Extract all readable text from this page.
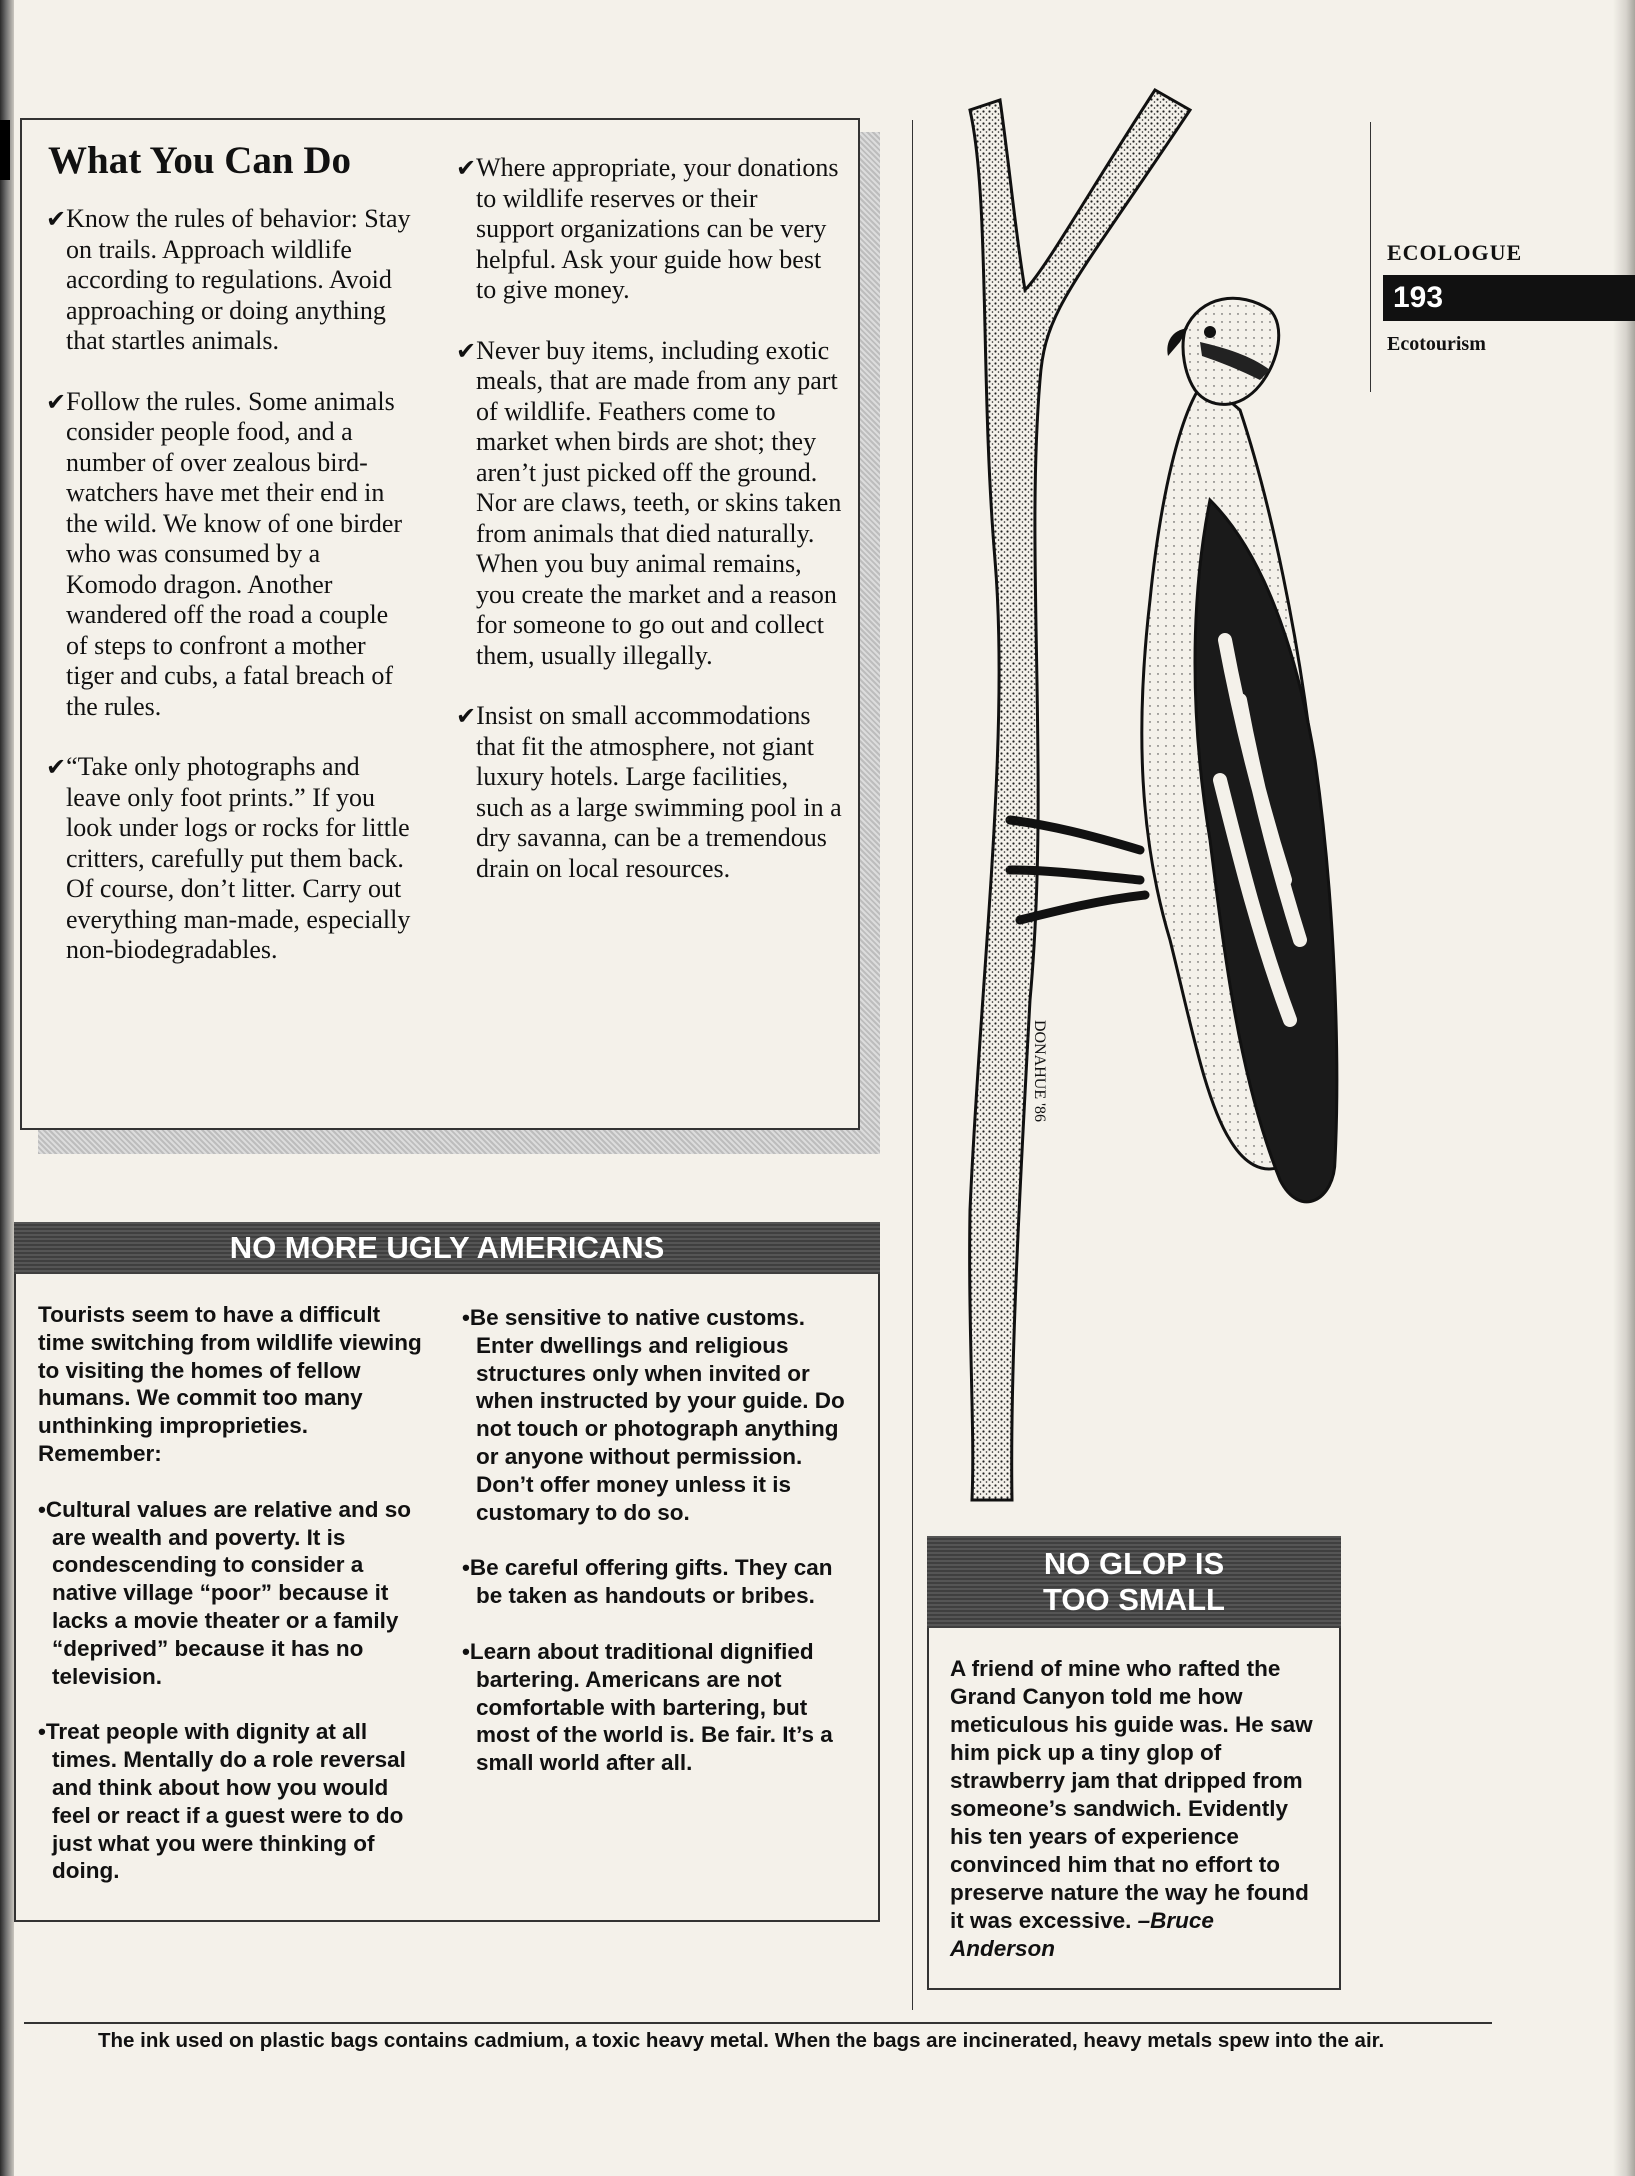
What You Can Do

✔Know the rules of behavior: Stay on trails. Approach wildlife according to regulations. Avoid approaching or doing anything that startles animals.

✔Follow the rules. Some animals consider people food, and a number of over zealous bird-watchers have met their end in the wild. We know of one birder who was consumed by a Komodo dragon. Another wandered off the road a couple of steps to confront a mother tiger and cubs, a fatal breach of the rules.

✔“Take only photographs and leave only foot prints.” If you look under logs or rocks for little critters, carefully put them back. Of course, don’t litter. Carry out everything man-made, especially non-biodegradables.

✔Where appropriate, your donations to wildlife reserves or their support organizations can be very helpful. Ask your guide how best to give money.

✔Never buy items, including exotic meals, that are made from any part of wildlife. Feathers come to market when birds are shot; they aren’t just picked off the ground. Nor are claws, teeth, or skins taken from animals that died naturally. When you buy animal remains, you create the market and a reason for someone to go out and collect them, usually illegally.

✔Insist on small accommodations that fit the atmosphere, not giant luxury hotels. Large facilities, such as a large swimming pool in a dry savanna, can be a tremendous drain on local resources.

ECOLOGUE
193
Ecotourism
DONAHUE '86
NO MORE UGLY AMERICANS

Tourists seem to have a difficult time switching from wildlife viewing to visiting the homes of fellow humans. We commit too many unthinking improprieties. Remember:

•Cultural values are relative and so are wealth and poverty. It is condescending to consider a native village “poor” because it lacks a movie theater or a family “deprived” because it has no television.

•Treat people with dignity at all times. Mentally do a role reversal and think about how you would feel or react if a guest were to do just what you were thinking of doing.

•Be sensitive to native customs. Enter dwellings and religious structures only when invited or when instructed by your guide. Do not touch or photograph anything or anyone without permission. Don’t offer money unless it is customary to do so.

•Be careful offering gifts. They can be taken as handouts or bribes.

•Learn about traditional dignified bartering. Americans are not comfortable with bartering, but most of the world is. Be fair. It’s a small world after all.

NO GLOP IS
TOO SMALL

A friend of mine who rafted the Grand Canyon told me how meticulous his guide was. He saw him pick up a tiny glop of strawberry jam that dripped from someone’s sandwich. Evidently his ten years of experience convinced him that no effort to preserve nature the way he found it was excessive. –Bruce Anderson

The ink used on plastic bags contains cadmium, a toxic heavy metal. When the bags are incinerated, heavy metals spew into the air.
